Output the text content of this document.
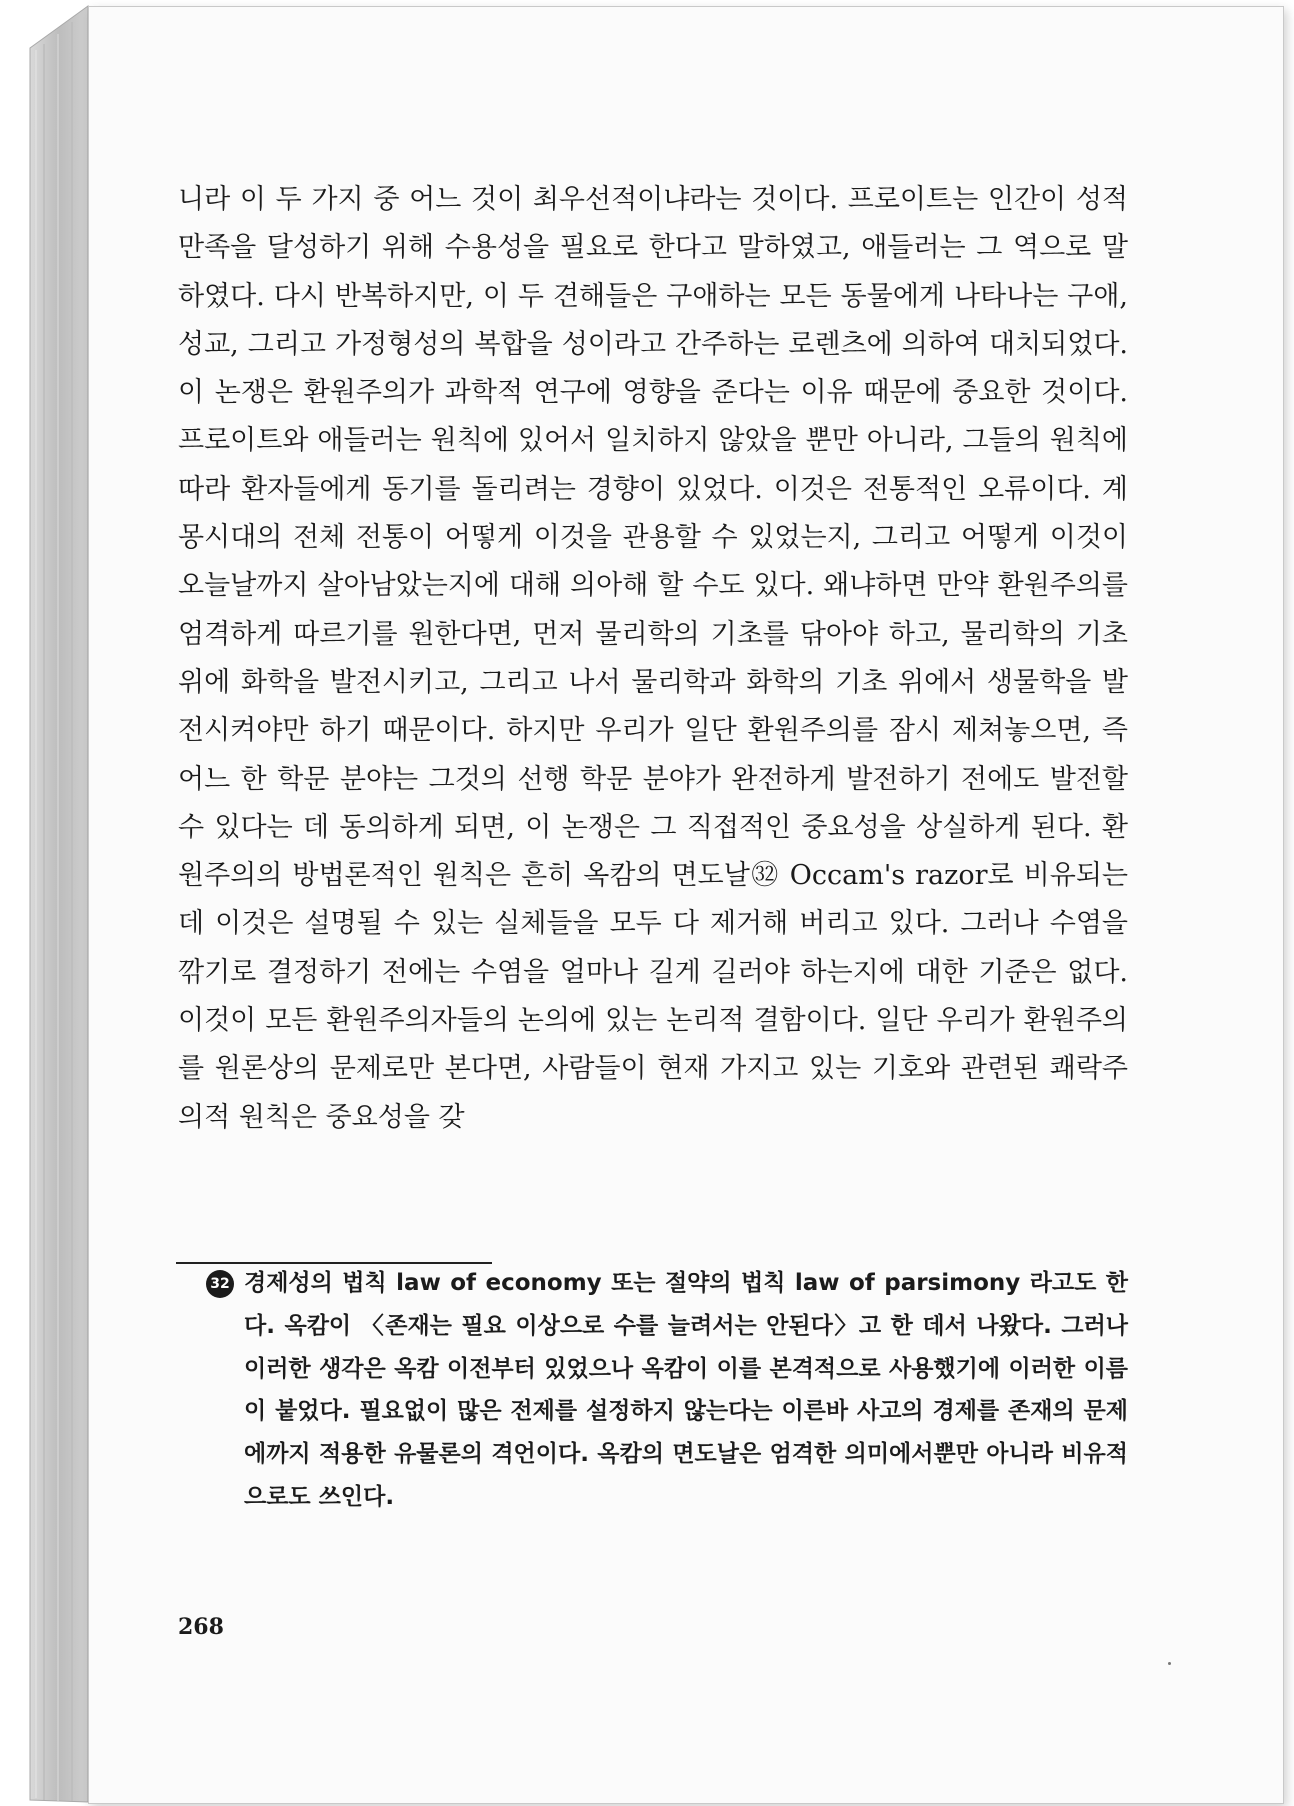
니라 이 두 가지 중 어느 것이 최우선적이냐라는 것이다. 프로이트는 인간이 성적 만족을 달성하기 위해 수용성을 필요로 한다고 말하였고, 애들러는 그 역으로 말하였다. 다시 반복하지만, 이 두 견해들은 구애하는 모든 동물에게 나타나는 구애, 성교, 그리고 가정형성의 복합을 성이라고 간주하는 로렌츠에 의하여 대치되었다. 이 논쟁은 환원주의가 과학적 연구에 영향을 준다는 이유 때문에 중요한 것이다. 프로이트와 애들러는 원칙에 있어서 일치하지 않았을 뿐만 아니라, 그들의 원칙에 따라 환자들에게 동기를 돌리려는 경향이 있었다. 이것은 전통적인 오류이다. 계몽시대의 전체 전통이 어떻게 이것을 관용할 수 있었는지, 그리고 어떻게 이것이 오늘날까지 살아남았는지에 대해 의아해 할 수도 있다. 왜냐하면 만약 환원주의를 엄격하게 따르기를 원한다면, 먼저 물리학의 기초를 닦아야 하고, 물리학의 기초 위에 화학을 발전시키고, 그리고 나서 물리학과 화학의 기초 위에서 생물학을 발전시켜야만 하기 때문이다. 하지만 우리가 일단 환원주의를 잠시 제쳐놓으면, 즉 어느 한 학문 분야는 그것의 선행 학문 분야가 완전하게 발전하기 전에도 발전할 수 있다는 데 동의하게 되면, 이 논쟁은 그 직접적인 중요성을 상실하게 된다. 환원주의의 방법론적인 원칙은 흔히 옥캄의 면도날㉜ Occam's razor로 비유되는데 이것은 설명될 수 있는 실체들을 모두 다 제거해 버리고 있다. 그러나 수염을 깎기로 결정하기 전에는 수염을 얼마나 길게 길러야 하는지에 대한 기준은 없다. 이것이 모든 환원주의자들의 논의에 있는 논리적 결함이다. 일단 우리가 환원주의를 원론상의 문제로만 본다면, 사람들이 현재 가지고 있는 기호와 관련된 쾌락주의적 원칙은 중요성을 갖

32 경제성의 법칙 law of economy 또는 절약의 법칙 law of parsimony 라고도 한다. 옥캄이 〈존재는 필요 이상으로 수를 늘려서는 안된다〉고 한 데서 나왔다. 그러나 이러한 생각은 옥캄 이전부터 있었으나 옥캄이 이를 본격적으로 사용했기에 이러한 이름이 붙었다. 필요없이 많은 전제를 설정하지 않는다는 이른바 사고의 경제를 존재의 문제에까지 적용한 유물론의 격언이다. 옥캄의 면도날은 엄격한 의미에서뿐만 아니라 비유적으로도 쓰인다.

268
